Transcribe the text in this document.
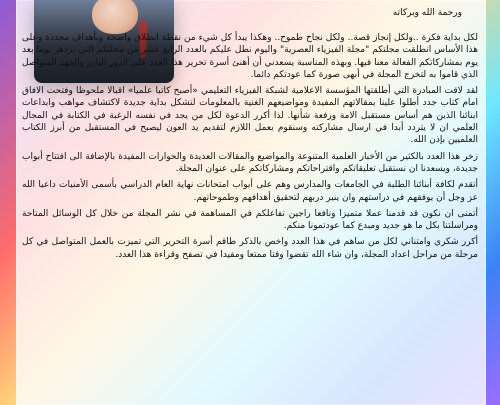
ورحمة الله وبركاته

لكل بداية فكرة ..ولكل إنجاز قصة.. ولكل نجاح طموح.. وهكذا يبدأ كل شيء من نقطة انطلاق واضحة وبأهداف محددة وعلى هذا الأساس انطلقت مجلتكم "مجلة الفيزياء العصرية" واليوم نطل عليكم بالعدد الرابع عشر من مجلتكم التي تزدهر يوما بعد يوم بمشاركاتكم الفعالة معنا فيها. وبهذه المناسبة يسعدني أن أهنئ أسرة تحرير هذا العدد على الدور البارز والجهد المتواصل الذي قاموا به لتخرج المجلة في أبهى صورة كما عودتكم دائما.

لقد لاقت المبادرة التي أطلقتها المؤسسة الاعلامية لشبكة الفيزياء التعليمي «أصبح كاتبا علميا» اقبالا ملحوظا وفتحت الافاق امام كتاب جدد أطلوا علينا بمقالاتهم المفيدة ومواضيعهم الغنية بالمعلومات لتشكل بداية جديدة لاكتشاف مواهب وابداعات ابنائنا الذين هم أساس مستقبل الامة ورفعة شأنها. لذا أكرر الدعوة لكل من يجد في نفسه الرغبة في الكتابة في المجال العلمي ان لا يتردد أبدا في ارسال مشاركته وسنقوم بعمل اللازم لتقديم يد العون ليصبح في المستقبل من أبرز الكتاب العلميين بإذن الله.

زخر هذا العدد بالكثير من الأخبار العلمية المتنوعة والمواضيع والمقالات العديدة والحوارات المفيدة بالإضافة الى افتتاح أبواب جديدة، ويسعدنا ان نستقبل تعليقاتكم واقتراحاتكم ومشاركاتكم على عنوان المجلة.

أتقدم لكافة أبنائنا الطلبة في الجامعات والمدارس وهم على أبواب امتحانات نهاية العام الدراسي بأسمى الأمنيات داعيا الله عز وجل أن يوفقهم في دراستهم وان ينير دربهم لتحقيق أهدافهم وطموحاتهم.

أتمنى ان نكون قد قدمنا عملا متميزا ونافعا راجين تفاعلكم في المساهمة في نشر المجلة من خلال كل الوسائل المتاحة ومراسلتنا بكل ما هو جديد ومبدع كما عودتمونا منكم.

أكرر شكري وامتناني لكل من ساهم في هذا العدد واخص بالذكر طاقم أسرة التحرير التي تميزت بالعمل المتواصل في كل مرحلة من مراحل اعداد المجلة، وان شاء الله تقضوا وقتا ممتعا ومفيدا في تصفح وقراءة هذا العدد.
